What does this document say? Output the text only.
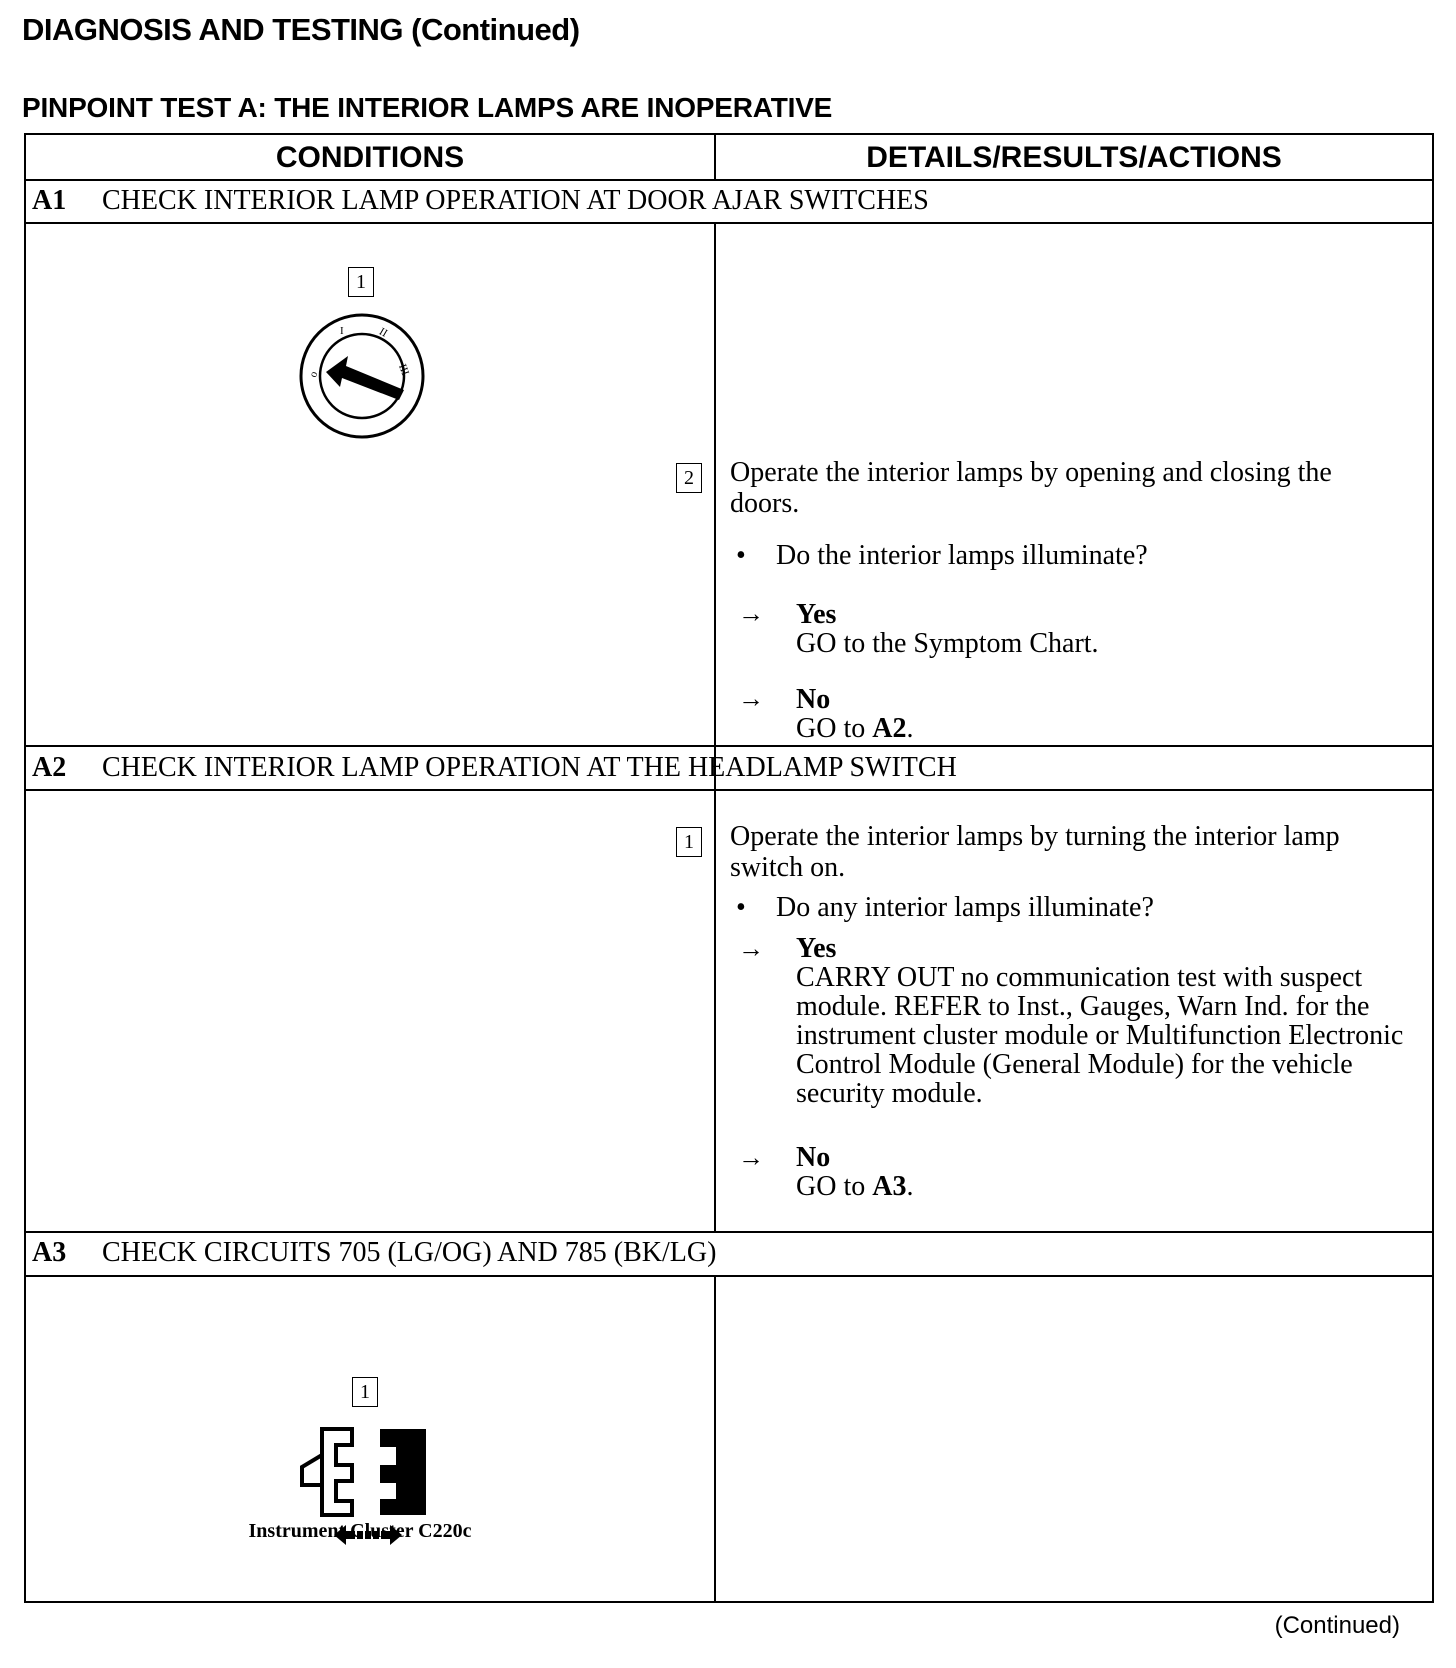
DIAGNOSIS AND TESTING (Continued)
PINPOINT TEST A: THE INTERIOR LAMPS ARE INOPERATIVE
CONDITIONS	DETAILS/RESULTS/ACTIONS
A1 CHECK INTERIOR LAMP OPERATION AT DOOR AJAR SWITCHES
1
o
I	II
III
2 Operate the interior lamps by opening and closing the doors.
• Do the interior lamps illuminate?
→ Yes
GO to the Symptom Chart.
→ No
GO to A2.
A2 CHECK INTERIOR LAMP OPERATION AT THE HEADLAMP SWITCH
1 Operate the interior lamps by turning the interior lamp switch on.
• Do any interior lamps illuminate?
→ Yes
CARRY OUT no communication test with suspect module. REFER to Inst., Gauges, Warn Ind. for the instrument cluster module or Multifunction Electronic Control Module (General Module) for the vehicle security module.
→ No
GO to A3.
A3 CHECK CIRCUITS 705 (LG/OG) AND 785 (BK/LG)
1
Instrument Cluster C220c
(Continued)
